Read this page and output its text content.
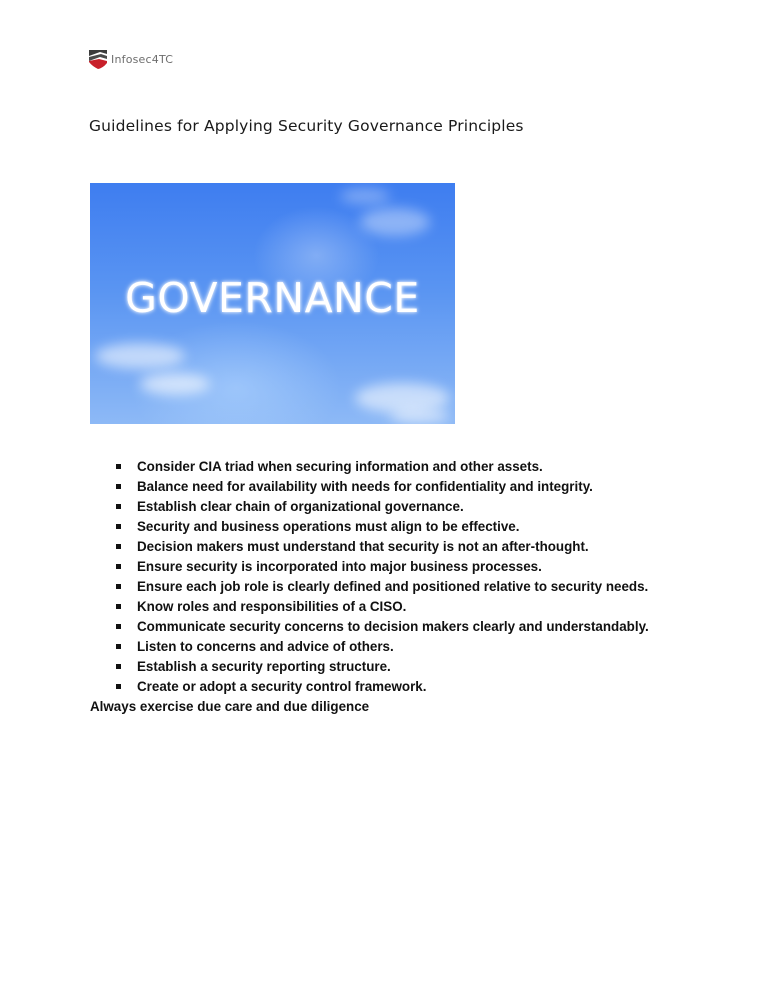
Infosec4TC
Guidelines for Applying Security Governance Principles
GOVERNANCE
Consider CIA triad when securing information and other assets.
Balance need for availability with needs for confidentiality and integrity.
Establish clear chain of organizational governance.
Security and business operations must align to be effective.
Decision makers must understand that security is not an after-thought.
Ensure security is incorporated into major business processes.
Ensure each job role is clearly defined and positioned relative to security needs.
Know roles and responsibilities of a CISO.
Communicate security concerns to decision makers clearly and understandably.
Listen to concerns and advice of others.
Establish a security reporting structure.
Create or adopt a security control framework.

Always exercise due care and due diligence
